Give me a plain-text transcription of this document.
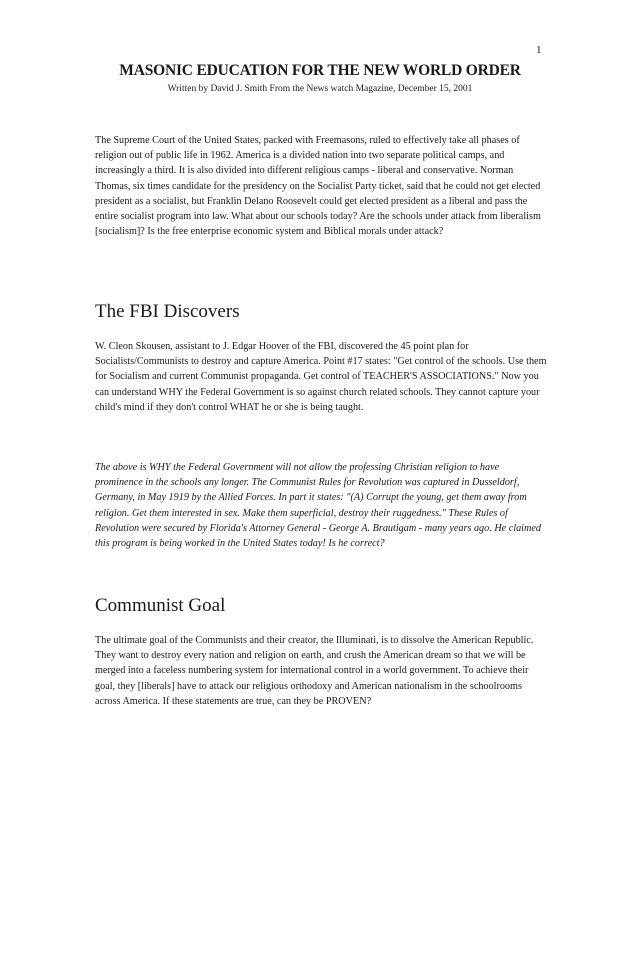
1
MASONIC EDUCATION FOR THE NEW WORLD ORDER
Written by David J. Smith From the News watch Magazine, December 15, 2001

The Supreme Court of the United States, packed with Freemasons, ruled to effectively take all phases of religion out of public life in 1962. America is a divided nation into two separate political camps, and increasingly a third. It is also divided into different religious camps - liberal and conservative. Norman Thomas, six times candidate for the presidency on the Socialist Party ticket, said that he could not get elected president as a socialist, but Franklin Delano Roosevelt could get elected president as a liberal and pass the entire socialist program into law. What about our schools today? Are the schools under attack from liberalism [socialism]? Is the free enterprise economic system and Biblical morals under attack?

The FBI Discovers

W. Cleon Skousen, assistant to J. Edgar Hoover of the FBI, discovered the 45 point plan for Socialists/Communists to destroy and capture America. Point #17 states: "Get control of the schools. Use them for Socialism and current Communist propaganda. Get control of TEACHER'S ASSOCIATIONS." Now you can understand WHY the Federal Government is so against church related schools. They cannot capture your child's mind if they don't control WHAT he or she is being taught.

The above is WHY the Federal Government will not allow the professing Christian religion to have prominence in the schools any longer. The Communist Rules for Revolution was captured in Dusseldorf, Germany, in May 1919 by the Allied Forces. In part it states: "(A) Corrupt the young, get them away from religion. Get them interested in sex. Make them superficial, destroy their ruggedness." These Rules of Revolution were secured by Florida's Attorney General - George A. Brautigam - many years ago. He claimed this program is being worked in the United States today! Is he correct?

Communist Goal

The ultimate goal of the Communists and their creator, the Illuminati, is to dissolve the American Republic. They want to destroy every nation and religion on earth, and crush the American dream so that we will be merged into a faceless numbering system for international control in a world government. To achieve their goal, they [liberals] have to attack our religious orthodoxy and American nationalism in the schoolrooms across America. If these statements are true, can they be PROVEN?
